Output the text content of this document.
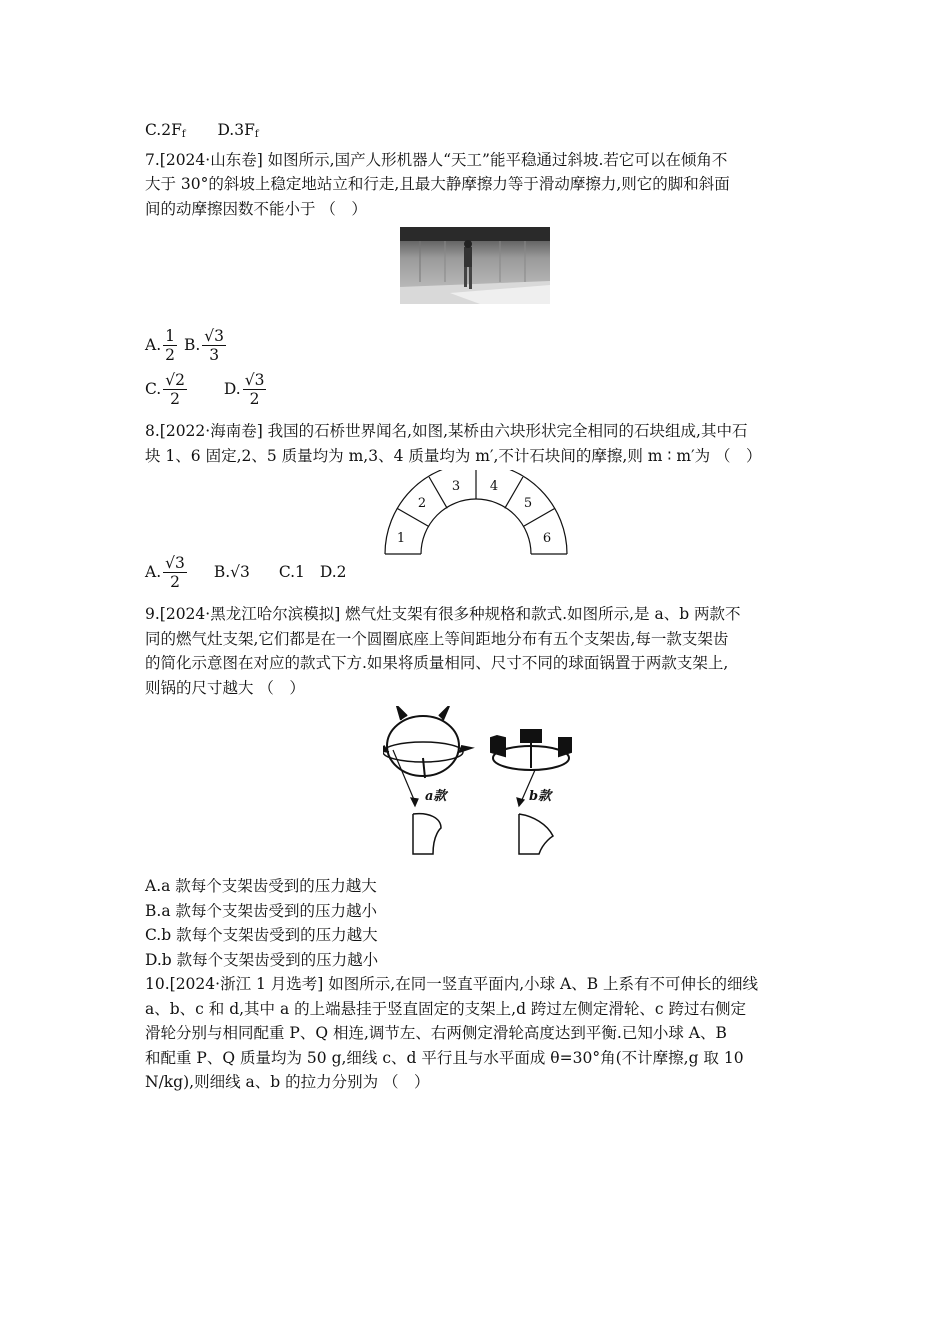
$C.2F_f$ $D.3F_f$
7.[2024·山东卷] 如图所示,国产人形机器人“天工”能平稳通过斜坡.若它可以在倾角不
大于 30°的斜坡上稳定地站立和行走,且最大静摩擦力等于滑动摩擦力,则它的脚和斜面
间的动摩擦因数不能小于 （　）
A. $\frac{1}{2}$
B. $\frac{√3}{3}$
C. $\frac{√2}{2}$
D. $\frac{√3}{2}$
8.[2022·海南卷] 我国的石桥世界闻名,如图,某桥由六块形状完全相同的石块组成,其中石
块 1、6 固定,2、5 质量均为 m,3、4 质量均为 m′,不计石块间的摩擦,则 m ∶ m′为 （　）
1
2
3 4
5
6
A. $\frac{√3}{2} B.√3$ C.1 D.2
9.[2024·黑龙江哈尔滨模拟] 燃气灶支架有很多种规格和款式.如图所示,是 a、b 两款不
同的燃气灶支架,它们都是在一个圆圈底座上等间距地分布有五个支架齿,每一款支架齿
的简化示意图在对应的款式下方.如果将质量相同、尺寸不同的球面锅置于两款支架上,
则锅的尺寸越大 （　）
a款	b款
A.a 款每个支架齿受到的压力越大
B.a 款每个支架齿受到的压力越小
C.b 款每个支架齿受到的压力越大
D.b 款每个支架齿受到的压力越小
10.[2024·浙江 1 月选考] 如图所示,在同一竖直平面内,小球 A、B 上系有不可伸长的细线
a、b、c 和 d,其中 a 的上端悬挂于竖直固定的支架上,d 跨过左侧定滑轮、c 跨过右侧定
滑轮分别与相同配重 P、Q 相连,调节左、右两侧定滑轮高度达到平衡.已知小球 A、B
和配重 P、Q 质量均为 50 g,细线 c、d 平行且与水平面成 θ=30°角(不计摩擦,g 取 10
N/kg),则细线 a、b 的拉力分别为 （　）
